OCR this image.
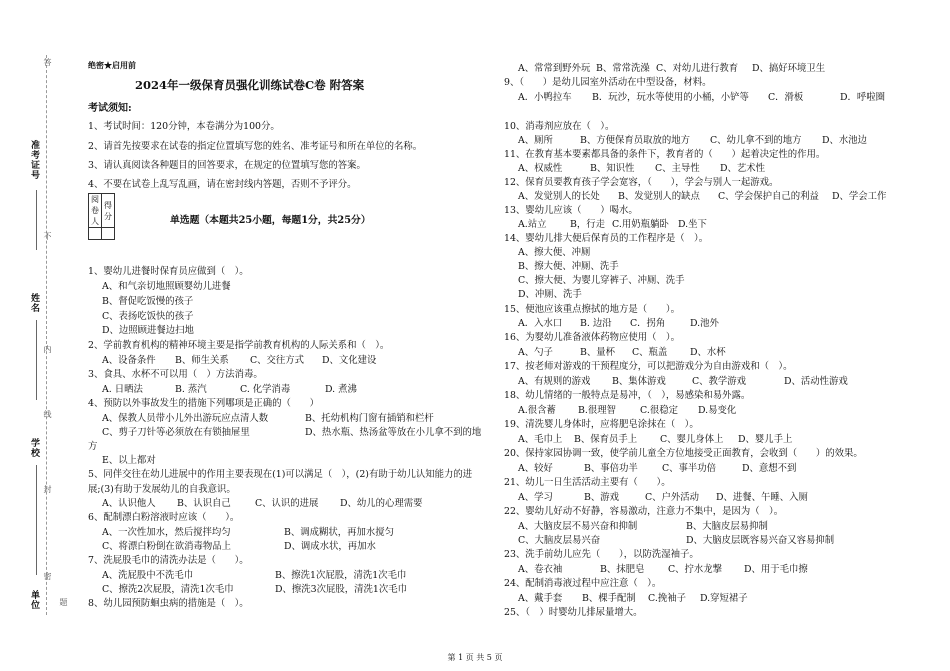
准考证号
姓名
学校
单位
答
不
内
线
封
密
题
绝密★启用前
2024年一级保育员强化训练试卷C卷 附答案
考试须知:
1、考试时间：120分钟，本卷满分为100分。
2、请首先按要求在试卷的指定位置填写您的姓名、准考证号和所在单位的名称。
3、请认真阅读各种题目的回答要求，在规定的位置填写您的答案。
4、不要在试卷上乱写乱画，请在密封线内答题，否则不予评分。
阅卷人	得分
		单选题（本题共25小题，每题1分，共25分）
1、婴幼儿进餐时保育员应做到（　）。
A、和气亲切地照顾婴幼儿进餐
B、督促吃饭慢的孩子
C、表扬吃饭快的孩子
D、边照顾进餐边扫地
2、学前教育机构的精神环境主要是指学前教育机构的人际关系和（　）。
A、设备条件 B、师生关系 C、交往方式 D、文化建设
3、食具、水杯不可以用（　）方法消毒。
A. 日晒法	B. 蒸汽	C. 化学消毒	D. 煮沸
4、预防以外事故发生的措施下列哪项是正确的（　　）
A、保教人员带小儿外出游玩应点清人数	B、托幼机构门窗有插销和栏杆
C、剪子刀针等必须放在有锁抽屉里	D、热水瓶、热汤盆等放在小儿拿不到的地
方
E、以上都对
5、同伴交往在幼儿进展中的作用主要表现在(1)可以满足（　），(2)有助于幼儿认知能力的进
展;(3)有助于发展幼儿的自我意识。
A、认识他人 B、认识自己	C、认识的进展 D、幼儿的心理需要
6、配制漂白粉溶液时应该（　　）。
A、一次性加水，然后搅拌均匀	B、调成糊状，再加水搅匀
C、将漂白粉倒在欲消毒物品上	D、调成水状，再加水
7、洗屁股毛巾的清洗办法是（　　）。
A、洗屁股中不洗毛巾	B、擦洗1次屁股，清洗1次毛巾
C、擦洗2次屁股，清洗1次毛巾	D、擦洗3次屁股，清洗1次毛巾
8、幼儿园预防蛔虫病的措施是（　）。
A、常常到野外玩 B、常常洗澡 C、对幼儿进行教育 D、搞好环境卫生
9、（　　）是幼儿园室外活动在中型设备，材料。
A．小鸭拉车 B．玩沙，玩水等使用的小桶，小铲等 C．滑板	D．呼啦圈
10、消毒剂应放在（　）。
A、厕所	B、方便保育员取放的地方 C、幼儿拿不到的地方 D、水池边
11、在教育基本要素都具备的条件下，教育者的（　　）起着决定性的作用。
A、权威性	B、知识性 C、主导性 D、艺术性
12、保育员要教育孩子学会宽容，（　　），学会与别人一起游戏。
A、发觉别人的长处 B、发觉别人的缺点 C、学会保护自己的利益 D、学会工作
13、婴幼儿应该（　　）喝水。
A.站立 B，行走 C.用奶瓶躺卧 D.坐下
14、婴幼儿排大便后保育员的工作程序是（　）。
A、擦大便、冲厕
B、擦大便、冲厕、洗手
C、擦大便、为婴儿穿裤子、冲厕、洗手
D、冲厕、洗手
15、便池应该重点擦拭的地方是（　　）。
A．入水口 B. 边沿 C．拐角	D.池外
16、为婴幼儿准备液体药物应使用（　）。
A、勺子	B、量杯 C、瓶盖 D、水杯
17、按老师对游戏的干预程度分，可以把游戏分为自由游戏和（　）。
A、有规则的游戏 B、集体游戏	C、教学游戏	D、活动性游戏
18、幼儿情绪的一般特点是易冲，（　），易感染和易外露。
A.很含蓄 B.很理智	C.很稳定 D.易变化
19、清洗婴儿身体时，应将肥皂涂抹在（　）。
A、毛巾上 B、保育员手上 C、婴儿身体上 D、婴儿手上
20、保持家园协调一致，使学前儿童全方位地接受正面教育，会收到（　　）的效果。
A、较好	B、事倍功半	C、事半功倍	D、意想不到
21、幼儿一日生活活动主要有（　　）。
A、学习	B、游戏	C、户外活动 D、进餐、午睡、入厕
22、婴幼儿好动不好静，容易激动，注意力不集中，是因为（　）。
A、大脑皮层不易兴奋和抑制	B、大脑皮层易抑制
C、大脑皮层易兴奋	D、大脑皮层既容易兴奋又容易抑制
23、洗手前幼儿应先（　　），以防洗湿袖子。
A、卷衣袖	B、抹肥皂	C、拧水龙撃 D、用于毛巾擦
24、配制消毒液过程中应注意（　）。
A、戴手套 B、棵手配制 C.挽袖子 D.穿短裙子
25、（　）时婴幼儿排尿量增大。
第 1 页 共 5 页
